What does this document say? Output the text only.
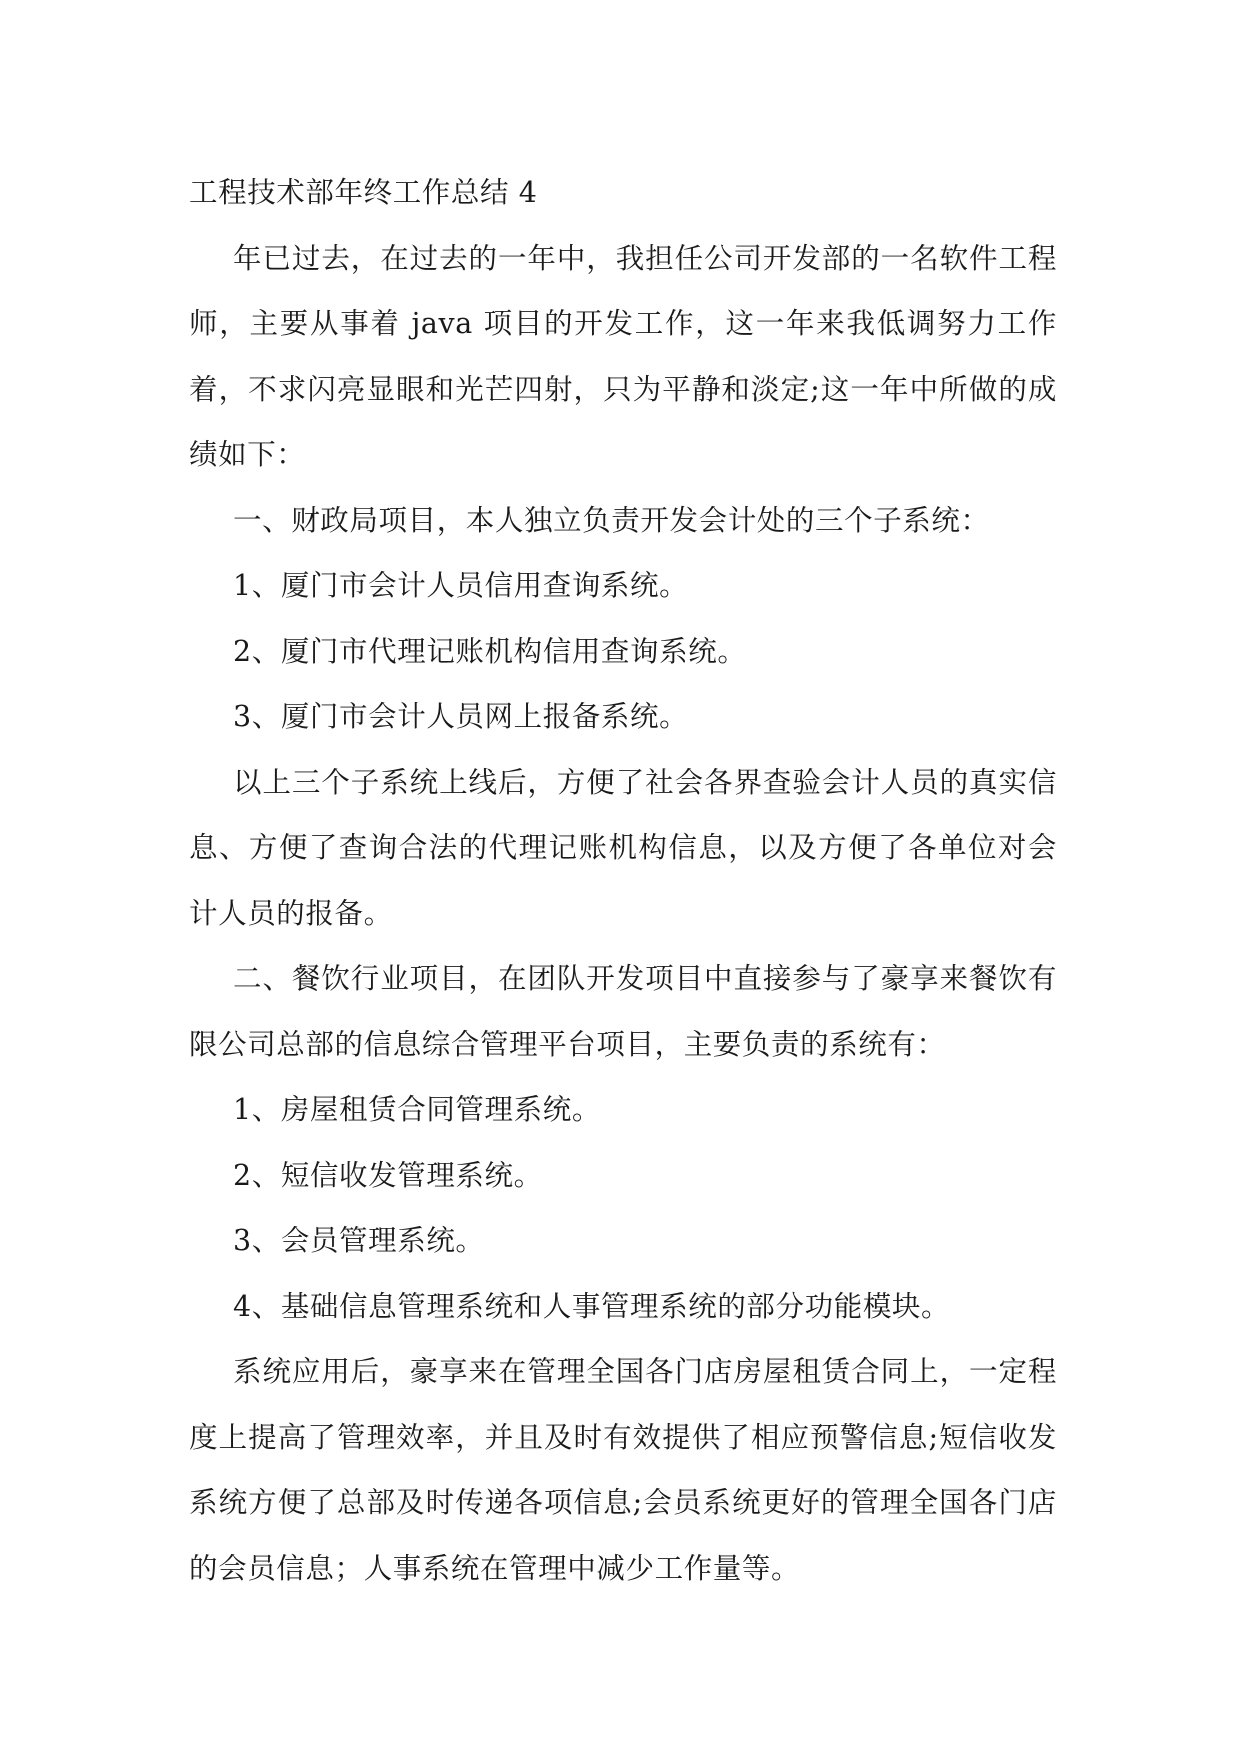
工程技术部年终工作总结 4

年已过去，在过去的一年中，我担任公司开发部的一名软件工程师，主要从事着 java 项目的开发工作，这一年来我低调努力工作着，不求闪亮显眼和光芒四射，只为平静和淡定;这一年中所做的成绩如下：

一、财政局项目，本人独立负责开发会计处的三个子系统：

1、厦门市会计人员信用查询系统。

2、厦门市代理记账机构信用查询系统。

3、厦门市会计人员网上报备系统。

以上三个子系统上线后，方便了社会各界查验会计人员的真实信息、方便了查询合法的代理记账机构信息，以及方便了各单位对会计人员的报备。

二、餐饮行业项目，在团队开发项目中直接参与了豪享来餐饮有限公司总部的信息综合管理平台项目，主要负责的系统有：

1、房屋租赁合同管理系统。

2、短信收发管理系统。

3、会员管理系统。

4、基础信息管理系统和人事管理系统的部分功能模块。

系统应用后，豪享来在管理全国各门店房屋租赁合同上，一定程度上提高了管理效率，并且及时有效提供了相应预警信息;短信收发系统方便了总部及时传递各项信息;会员系统更好的管理全国各门店的会员信息；人事系统在管理中减少工作量等。
